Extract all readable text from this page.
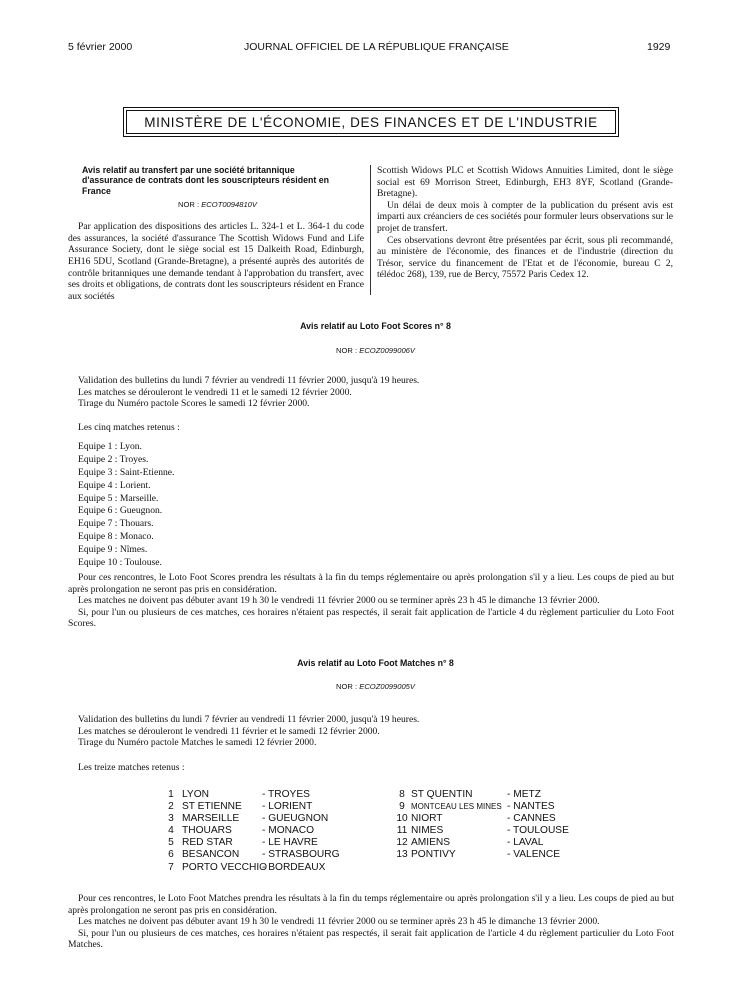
5 février 2000	JOURNAL OFFICIEL DE LA RÉPUBLIQUE FRANÇAISE	1929
MINISTÈRE DE L'ÉCONOMIE, DES FINANCES ET DE L'INDUSTRIE
Avis relatif au transfert par une société britannique d'assurance de contrats dont les souscripteurs résident en France
NOR : ECOT0094810V

Par application des dispositions des articles L. 324-1 et L. 364-1 du code des assurances, la société d'assurance The Scottish Widows Fund and Life Assurance Society, dont le siège social est 15 Dalkeith Road, Edinburgh, EH16 5DU, Scotland (Grande-Bretagne), a présenté auprès des autorités de contrôle britanniques une demande tendant à l'approbation du transfert, avec ses droits et obligations, de contrats dont les souscripteurs résident en France aux sociétés

Scottish Widows PLC et Scottish Widows Annuities Limited, dont le siège social est 69 Morrison Street, Edinburgh, EH3 8YF, Scotland (Grande-Bretagne).

Un délai de deux mois à compter de la publication du présent avis est imparti aux créanciers de ces sociétés pour formuler leurs observations sur le projet de transfert.

Ces observations devront être présentées par écrit, sous pli recommandé, au ministère de l'économie, des finances et de l'industrie (direction du Trésor, service du financement de l'Etat et de l'économie, bureau C 2, télédoc 268), 139, rue de Bercy, 75572 Paris Cedex 12.

Avis relatif au Loto Foot Scores n° 8
NOR : ECOZ0099006V

Validation des bulletins du lundi 7 février au vendredi 11 février 2000, jusqu'à 19 heures.

Les matches se dérouleront le vendredi 11 et le samedi 12 février 2000.

Tirage du Numéro pactole Scores le samedi 12 février 2000.

Les cinq matches retenus :
Equipe 1 : Lyon.
Equipe 2 : Troyes.
Equipe 3 : Saint-Etienne.
Equipe 4 : Lorient.
Equipe 5 : Marseille.
Equipe 6 : Gueugnon.
Equipe 7 : Thouars.
Equipe 8 : Monaco.
Equipe 9 : Nîmes.
Equipe 10 : Toulouse.

Pour ces rencontres, le Loto Foot Scores prendra les résultats à la fin du temps réglementaire ou après prolongation s'il y a lieu. Les coups de pied au but après prolongation ne seront pas pris en considération.

Les matches ne doivent pas débuter avant 19 h 30 le vendredi 11 février 2000 ou se terminer après 23 h 45 le dimanche 13 février 2000.

Si, pour l'un ou plusieurs de ces matches, ces horaires n'étaient pas respectés, il serait fait application de l'article 4 du règlement particulier du Loto Foot Scores.

Avis relatif au Loto Foot Matches n° 8
NOR : ECOZ0099005V

Validation des bulletins du lundi 7 février au vendredi 11 février 2000, jusqu'à 19 heures.

Les matches se dérouleront le vendredi 11 février et le samedi 12 février 2000.

Tirage du Numéro pactole Matches le samedi 12 février 2000.

Les treize matches retenus :
1 LYON	- TROYES
2 ST ETIENNE - LORIENT
3 MARSEILLE - GUEUGNON
4 THOUARS	- MONACO
5 RED STAR	- LE HAVRE
6 BESANCON - STRASBOURG
7 PORTO VECCHIO- BORDEAUX
8 ST QUENTIN	- METZ
9 MONTCEAU LES MINES - NANTES
10 NIORT	- CANNES
11 NIMES	- TOULOUSE
12 AMIENS	- LAVAL
13 PONTIVY	- VALENCE

Pour ces rencontres, le Loto Foot Matches prendra les résultats à la fin du temps réglementaire ou après prolongation s'il y a lieu. Les coups de pied au but après prolongation ne seront pas pris en considération.

Les matches ne doivent pas débuter avant 19 h 30 le vendredi 11 février 2000 ou se terminer après 23 h 45 le dimanche 13 février 2000.

Si, pour l'un ou plusieurs de ces matches, ces horaires n'étaient pas respectés, il serait fait application de l'article 4 du règlement particulier du Loto Foot Matches.
